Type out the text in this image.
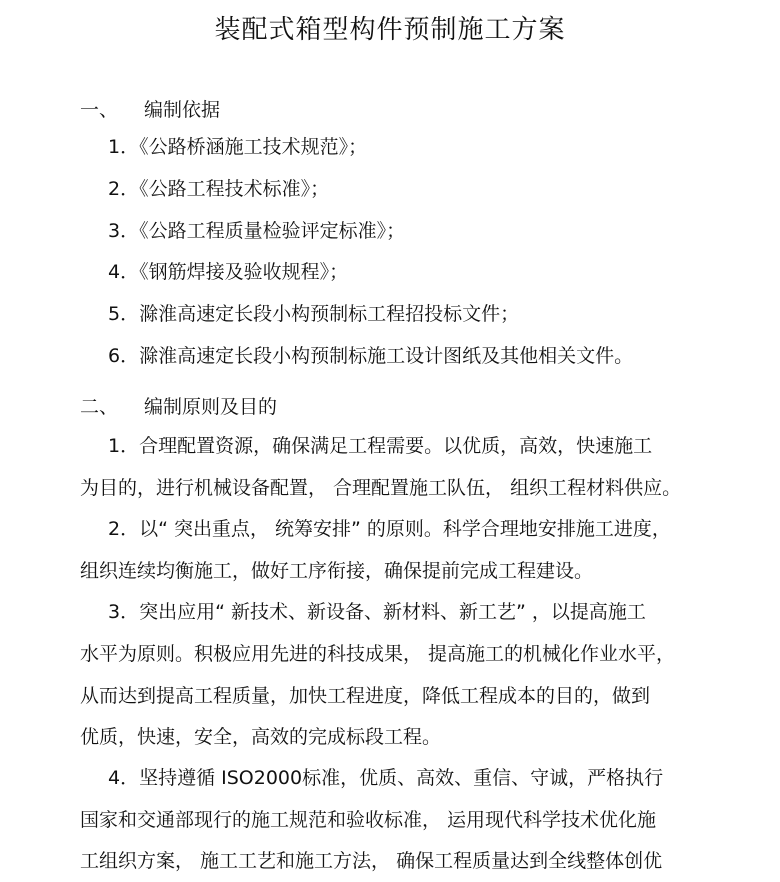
装配式箱型构件预制施工方案
一、 编制依据
1．《公路桥涵施工技术规范》；
2．《公路工程技术标准》；
3．《公路工程质量检验评定标准》；
4．《钢筋焊接及验收规程》；
5．滁淮高速定长段小构预制标工程招投标文件；
6．滁淮高速定长段小构预制标施工设计图纸及其他相关文件。
二、 编制原则及目的
1．合理配置资源，确保满足工程需要。以优质，高效，快速施工
为目的，进行机械设备配置， 合理配置施工队伍， 组织工程材料供应。
2．以“ 突出重点， 统筹安排” 的原则。科学合理地安排施工进度，
组织连续均衡施工，做好工序衔接，确保提前完成工程建设。
3．突出应用“ 新技术、新设备、新材料、新工艺” ，以提高施工
水平为原则。积极应用先进的科技成果， 提高施工的机械化作业水平，
从而达到提高工程质量，加快工程进度，降低工程成本的目的，做到
优质，快速，安全，高效的完成标段工程。
4．坚持遵循 ISO2000标准，优质、高效、重信、守诚，严格执行
国家和交通部现行的施工规范和验收标准， 运用现代科学技术优化施
工组织方案， 施工工艺和施工方法， 确保工程质量达到全线整体创优
